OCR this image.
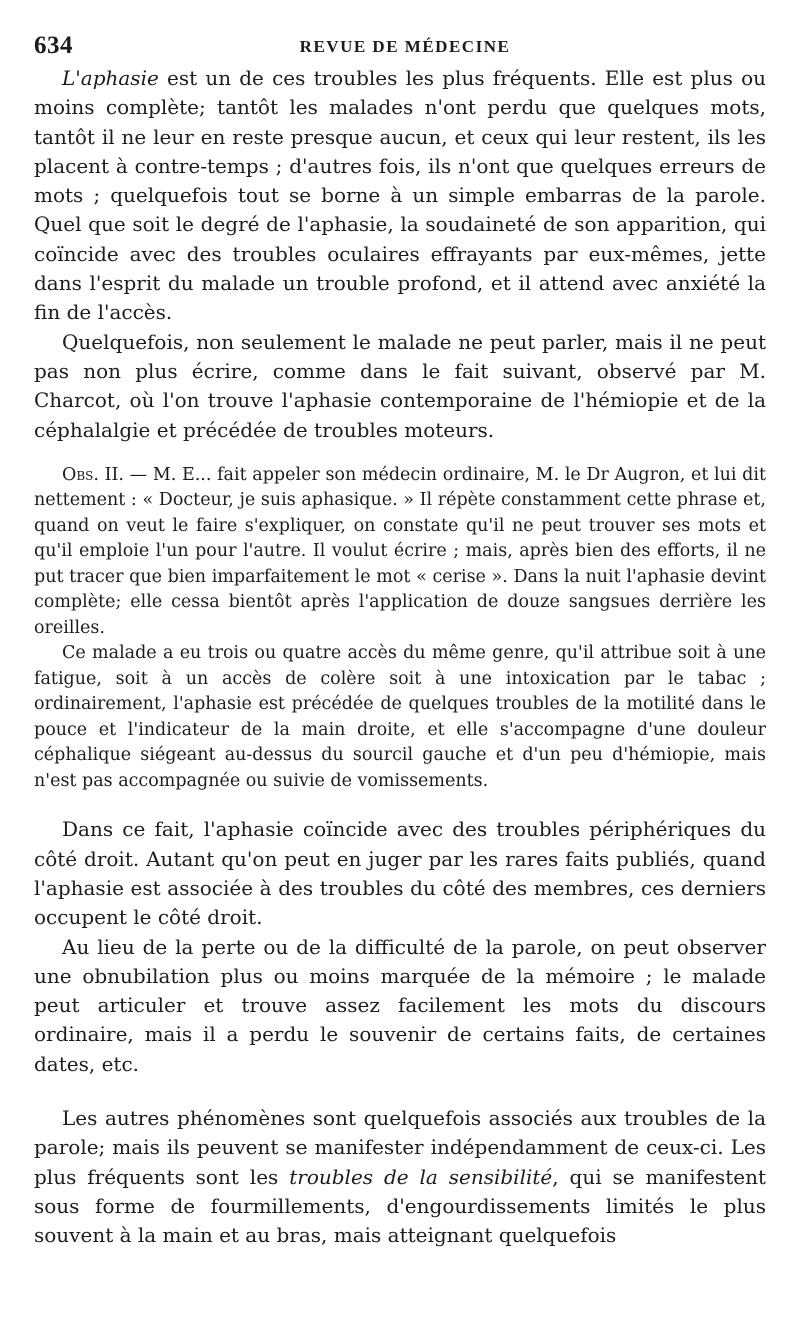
634	REVUE DE MÉDECINE

L'aphasie est un de ces troubles les plus fréquents. Elle est plus ou moins complète; tantôt les malades n'ont perdu que quelques mots, tantôt il ne leur en reste presque aucun, et ceux qui leur restent, ils les placent à contre-temps ; d'autres fois, ils n'ont que quelques erreurs de mots ; quelquefois tout se borne à un simple embarras de la parole. Quel que soit le degré de l'aphasie, la soudaineté de son apparition, qui coïncide avec des troubles oculaires effrayants par eux-mêmes, jette dans l'esprit du malade un trouble profond, et il attend avec anxiété la fin de l'accès.

Quelquefois, non seulement le malade ne peut parler, mais il ne peut pas non plus écrire, comme dans le fait suivant, observé par M. Charcot, où l'on trouve l'aphasie contemporaine de l'hémiopie et de la céphalalgie et précédée de troubles moteurs.

Obs. II. — M. E... fait appeler son médecin ordinaire, M. le Dr Augron, et lui dit nettement : « Docteur, je suis aphasique. » Il répète constamment cette phrase et, quand on veut le faire s'expliquer, on constate qu'il ne peut trouver ses mots et qu'il emploie l'un pour l'autre. Il voulut écrire ; mais, après bien des efforts, il ne put tracer que bien imparfaitement le mot « cerise ». Dans la nuit l'aphasie devint complète; elle cessa bientôt après l'application de douze sangsues derrière les oreilles.

Ce malade a eu trois ou quatre accès du même genre, qu'il attribue soit à une fatigue, soit à un accès de colère soit à une intoxication par le tabac ; ordinairement, l'aphasie est précédée de quelques troubles de la motilité dans le pouce et l'indicateur de la main droite, et elle s'accompagne d'une douleur céphalique siégeant au-dessus du sourcil gauche et d'un peu d'hémiopie, mais n'est pas accompagnée ou suivie de vomissements.

Dans ce fait, l'aphasie coïncide avec des troubles périphériques du côté droit. Autant qu'on peut en juger par les rares faits publiés, quand l'aphasie est associée à des troubles du côté des membres, ces derniers occupent le côté droit.

Au lieu de la perte ou de la difficulté de la parole, on peut observer une obnubilation plus ou moins marquée de la mémoire ; le malade peut articuler et trouve assez facilement les mots du discours ordinaire, mais il a perdu le souvenir de certains faits, de certaines dates, etc.

Les autres phénomènes sont quelquefois associés aux troubles de la parole; mais ils peuvent se manifester indépendamment de ceux-ci. Les plus fréquents sont les troubles de la sensibilité, qui se manifestent sous forme de fourmillements, d'engourdissements limités le plus souvent à la main et au bras, mais atteignant quelquefois
